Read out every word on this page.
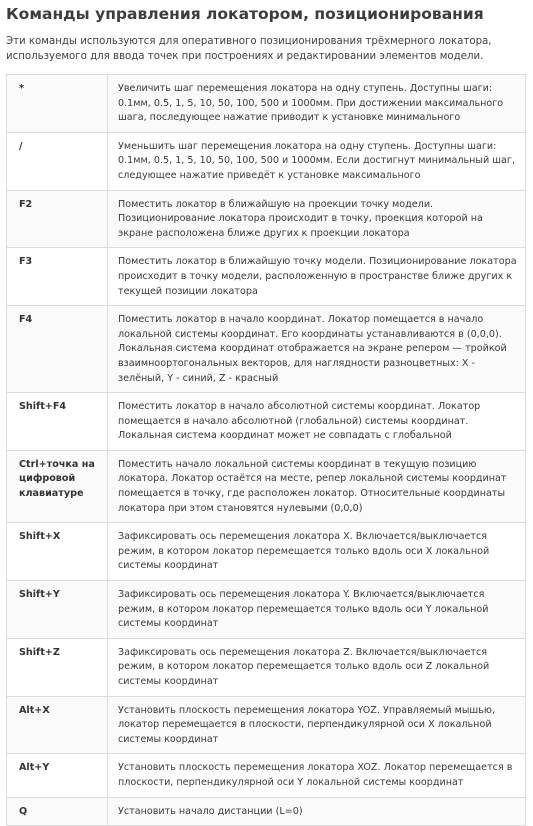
Команды управления локатором, позиционирования

Эти команды используются для оперативного позиционирования трёхмерного локатора, используемого для ввода точек при построениях и редактировании элементов модели.

*	Увеличить шаг перемещения локатора на одну ступень. Доступны шаги: 0.1мм, 0.5, 1, 5, 10, 50, 100, 500 и 1000мм. При достижении максимального шага, последующее нажатие приводит к установке минимального
/	Уменьшить шаг перемещения локатора на одну ступень. Доступны шаги: 0.1мм, 0.5, 1, 5, 10, 50, 100, 500 и 1000мм. Если достигнут минимальный шаг, следующее нажатие приведёт к установке максимального
F2	Поместить локатор в ближайшую на проекции точку модели. Позиционирование локатора происходит в точку, проекция которой на экране расположена ближе других к проекции локатора
F3	Поместить локатор в ближайшую точку модели. Позиционирование локатора происходит в точку модели, расположенную в пространстве ближе других к текущей позиции локатора
F4	Поместить локатор в начало координат. Локатор помещается в начало локальной системы координат. Его координаты устанавливаются в (0,0,0). Локальная система координат отображается на экране репером — тройкой взаимноортогональных векторов, для наглядности разноцветных: X - зелёный, Y - синий, Z - красный
Shift+F4	Поместить локатор в начало абсолютной системы координат. Локатор помещается в начало абсолютной (глобальной) системы координат. Локальная система координат может не совпадать с глобальной
Ctrl+точка на цифровой клавиатуре	Поместить начало локальной системы координат в текущую позицию локатора. Локатор остаётся на месте, репер локальной системы координат помещается в точку, где расположен локатор. Относительные координаты локатора при этом становятся нулевыми (0,0,0)
Shift+X	Зафиксировать ось перемещения локатора X. Включается/выключается режим, в котором локатор перемещается только вдоль оси X локальной системы координат
Shift+Y	Зафиксировать ось перемещения локатора Y. Включается/выключается режим, в котором локатор перемещается только вдоль оси Y локальной системы координат
Shift+Z	Зафиксировать ось перемещения локатора Z. Включается/выключается режим, в котором локатор перемещается только вдоль оси Z локальной системы координат
Alt+X	Установить плоскость перемещения локатора YOZ. Управляемый мышью, локатор перемещается в плоскости, перпендикулярной оси X локальной системы координат
Alt+Y	Установить плоскость перемещения локатора XOZ. Локатор перемещается в плоскости, перпендикулярной оси Y локальной системы координат
Q	Установить начало дистанции (L=0)
